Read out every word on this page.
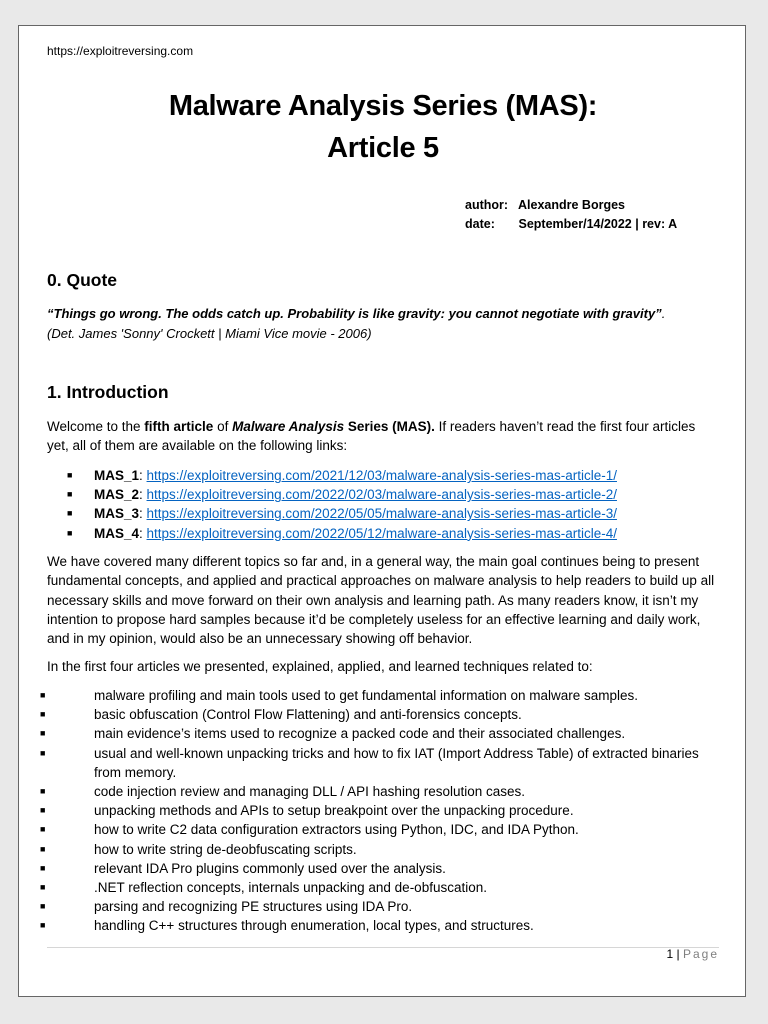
https://exploitreversing.com
Malware Analysis Series (MAS):
Article 5
author: Alexandre Borges
date: September/14/2022 | rev: A
0. Quote
“Things go wrong. The odds catch up. Probability is like gravity: you cannot negotiate with gravity”.
(Det. James 'Sonny' Crockett | Miami Vice movie - 2006)
1. Introduction
Welcome to the fifth article of Malware Analysis Series (MAS). If readers haven’t read the first four articles yet, all of them are available on the following links:
■ MAS_1: https://exploitreversing.com/2021/12/03/malware-analysis-series-mas-article-1/
■ MAS_2: https://exploitreversing.com/2022/02/03/malware-analysis-series-mas-article-2/
■ MAS_3: https://exploitreversing.com/2022/05/05/malware-analysis-series-mas-article-3/
■ MAS_4: https://exploitreversing.com/2022/05/12/malware-analysis-series-mas-article-4/
We have covered many different topics so far and, in a general way, the main goal continues being to present fundamental concepts, and applied and practical approaches on malware analysis to help readers to build up all necessary skills and move forward on their own analysis and learning path. As many readers know, it isn’t my intention to propose hard samples because it’d be completely useless for an effective learning and daily work, and in my opinion, would also be an unnecessary showing off behavior.
In the first four articles we presented, explained, applied, and learned techniques related to:
■	malware profiling and main tools used to get fundamental information on malware samples.
■	basic obfuscation (Control Flow Flattening) and anti-forensics concepts.
■	main evidence’s items used to recognize a packed code and their associated challenges.
■	usual and well-known unpacking tricks and how to fix IAT (Import Address Table) of extracted binaries from memory.
■	code injection review and managing DLL / API hashing resolution cases.
■	unpacking methods and APIs to setup breakpoint over the unpacking procedure.
■	how to write C2 data configuration extractors using Python, IDC, and IDA Python.
■	how to write string de-deobfuscating scripts.
■	relevant IDA Pro plugins commonly used over the analysis.
■	.NET reflection concepts, internals unpacking and de-obfuscation.
■	parsing and recognizing PE structures using IDA Pro.
■	handling C++ structures through enumeration, local types, and structures.
1 | Page
